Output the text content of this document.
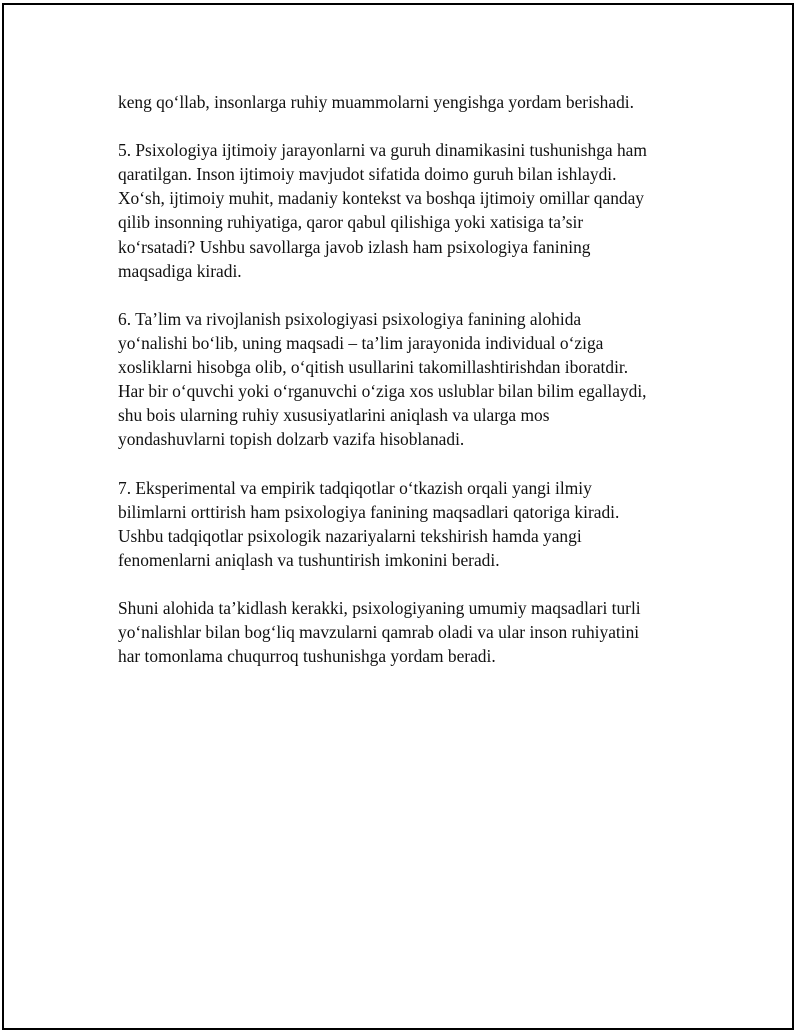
keng qo‘llab, insonlarga ruhiy muammolarni yengishga yordam berishadi.

5. Psixologiya ijtimoiy jarayonlarni va guruh dinamikasini tushunishga ham
qaratilgan. Inson ijtimoiy mavjudot sifatida doimo guruh bilan ishlaydi.
Xo‘sh, ijtimoiy muhit, madaniy kontekst va boshqa ijtimoiy omillar qanday
qilib insonning ruhiyatiga, qaror qabul qilishiga yoki xatisiga ta’sir
ko‘rsatadi? Ushbu savollarga javob izlash ham psixologiya fanining
maqsadiga kiradi.

6. Ta’lim va rivojlanish psixologiyasi psixologiya fanining alohida
yo‘nalishi bo‘lib, uning maqsadi – ta’lim jarayonida individual o‘ziga
xosliklarni hisobga olib, o‘qitish usullarini takomillashtirishdan iboratdir.
Har bir o‘quvchi yoki o‘rganuvchi o‘ziga xos uslublar bilan bilim egallaydi,
shu bois ularning ruhiy xususiyatlarini aniqlash va ularga mos
yondashuvlarni topish dolzarb vazifa hisoblanadi.

7. Eksperimental va empirik tadqiqotlar o‘tkazish orqali yangi ilmiy
bilimlarni orttirish ham psixologiya fanining maqsadlari qatoriga kiradi.
Ushbu tadqiqotlar psixologik nazariyalarni tekshirish hamda yangi
fenomenlarni aniqlash va tushuntirish imkonini beradi.

Shuni alohida ta’kidlash kerakki, psixologiyaning umumiy maqsadlari turli
yo‘nalishlar bilan bog‘liq mavzularni qamrab oladi va ular inson ruhiyatini
har tomonlama chuqurroq tushunishga yordam beradi.
